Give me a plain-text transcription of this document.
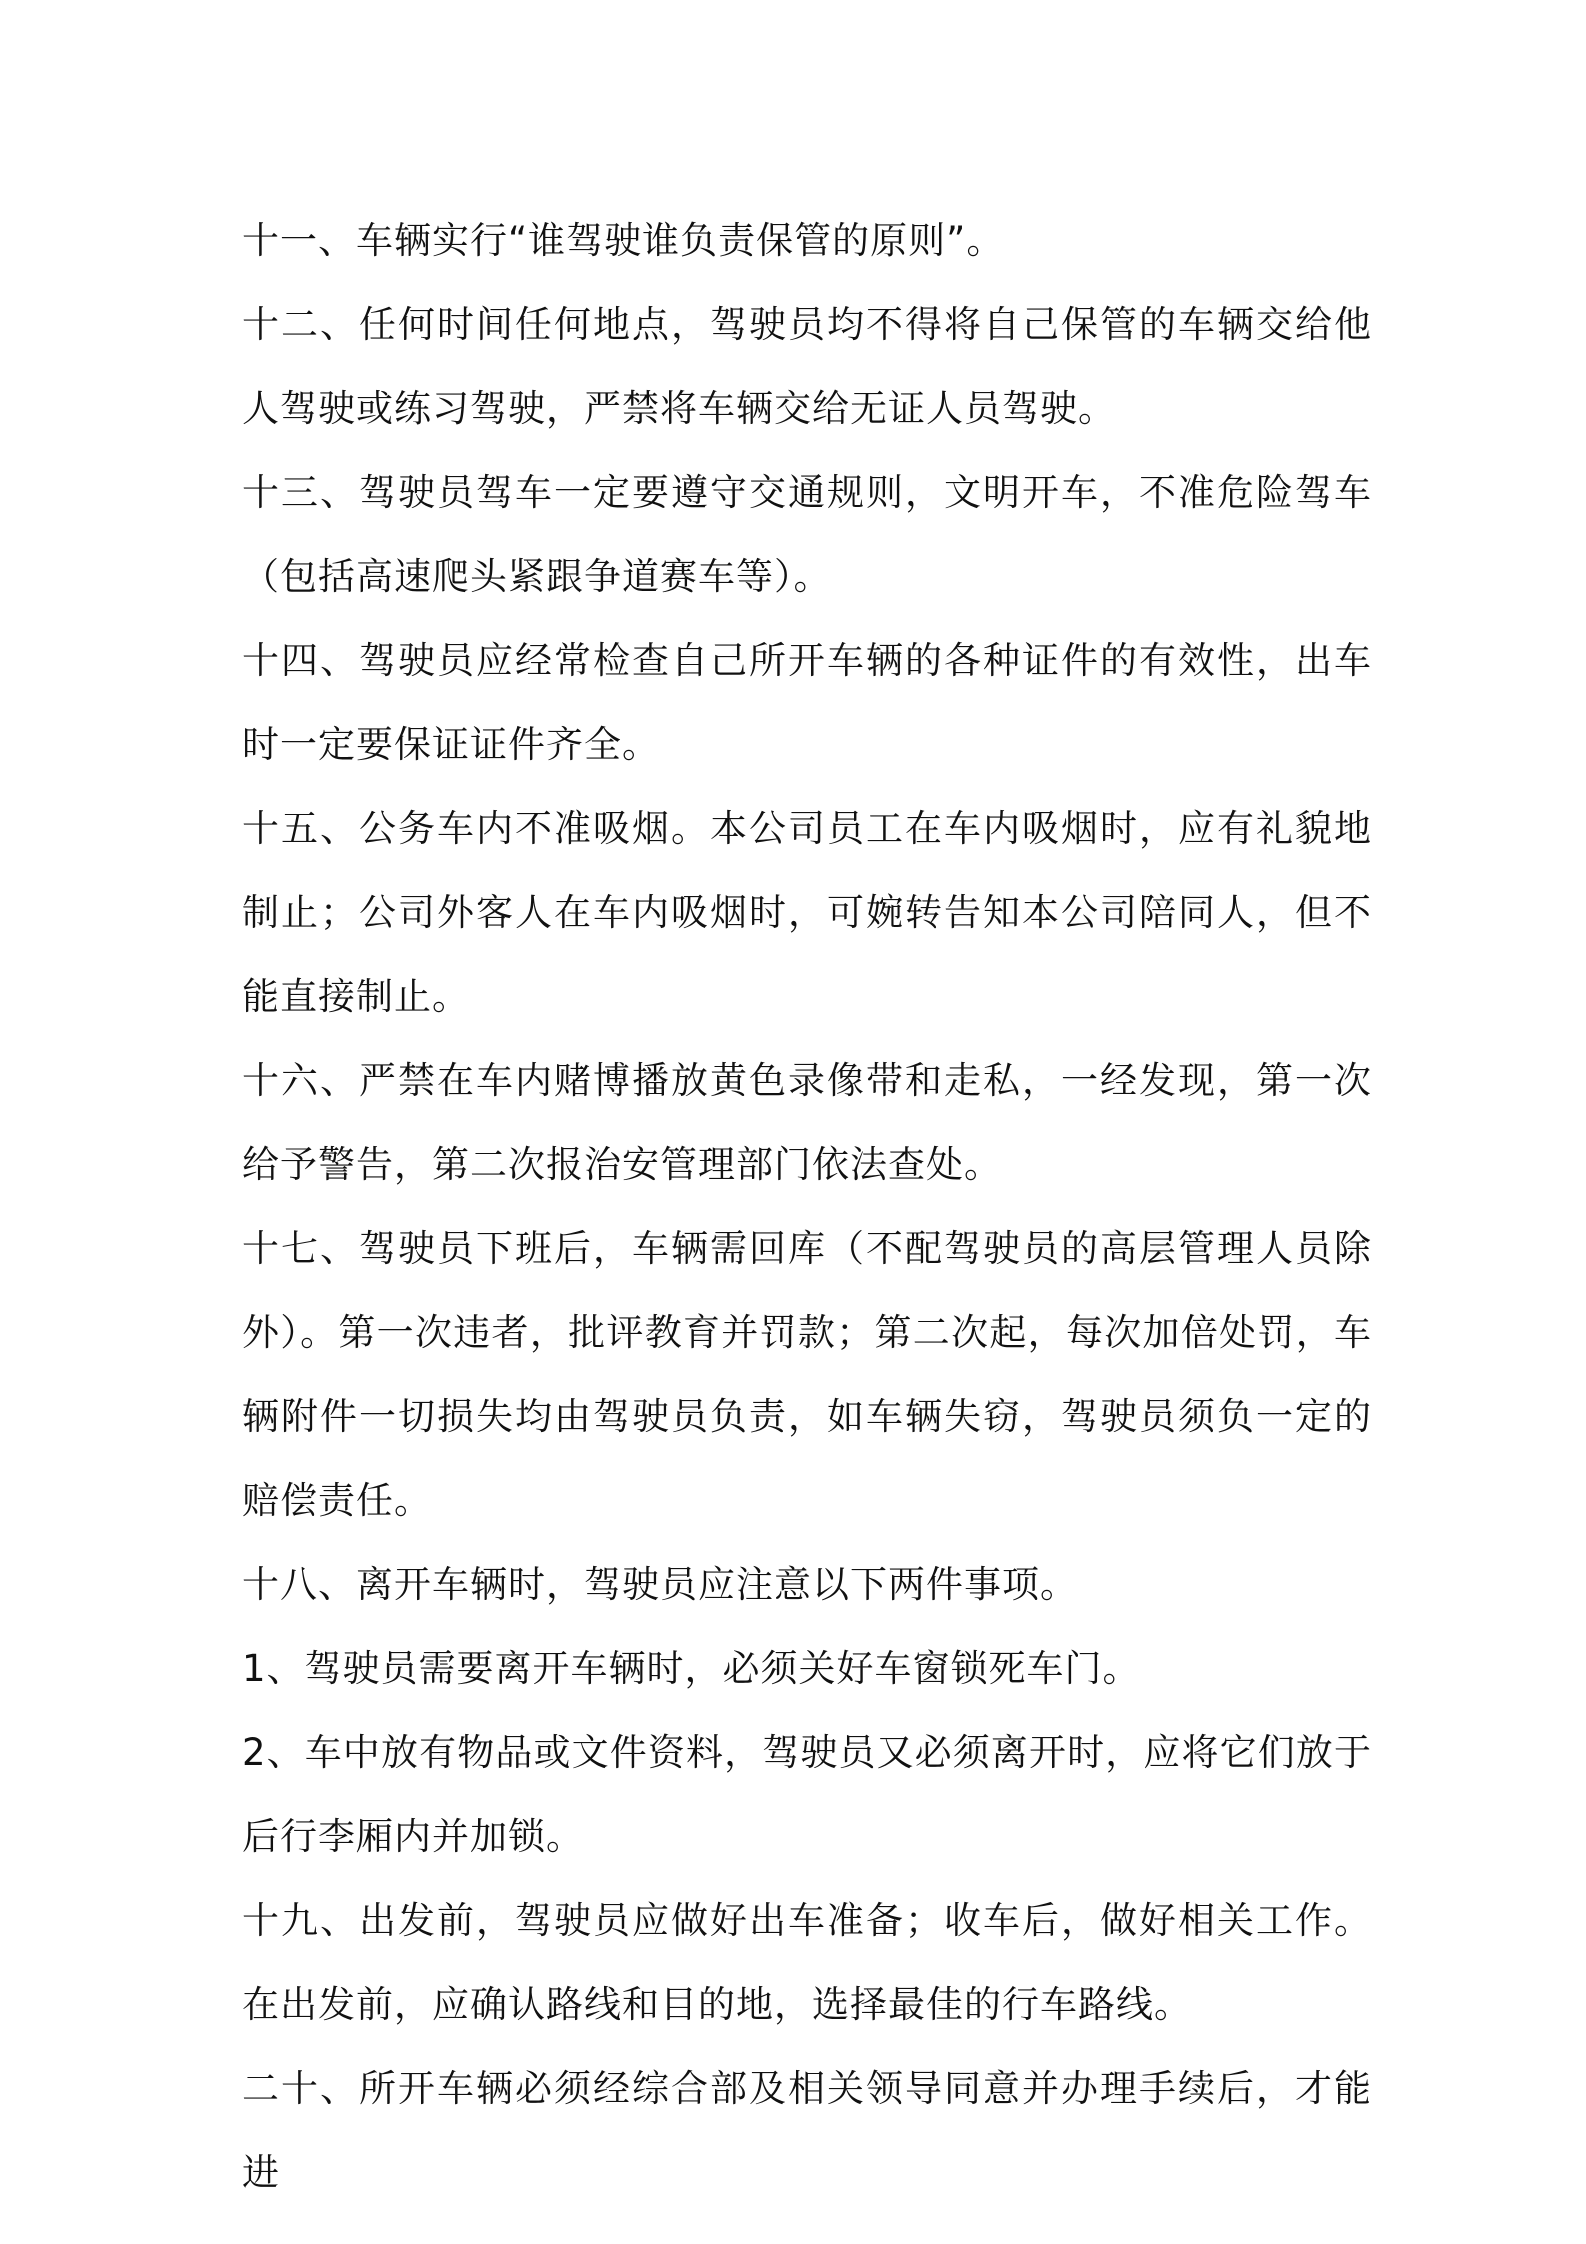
十一、车辆实行“谁驾驶谁负责保管的原则”。

十二、任何时间任何地点，驾驶员均不得将自己保管的车辆交给他人驾驶或练习驾驶，严禁将车辆交给无证人员驾驶。

十三、驾驶员驾车一定要遵守交通规则，文明开车，不准危险驾车（包括高速爬头紧跟争道赛车等）。

十四、驾驶员应经常检查自己所开车辆的各种证件的有效性，出车时一定要保证证件齐全。

十五、公务车内不准吸烟。本公司员工在车内吸烟时，应有礼貌地制止；公司外客人在车内吸烟时，可婉转告知本公司陪同人，但不能直接制止。

十六、严禁在车内赌博播放黄色录像带和走私，一经发现，第一次给予警告，第二次报治安管理部门依法查处。

十七、驾驶员下班后，车辆需回库（不配驾驶员的高层管理人员除外）。第一次违者，批评教育并罚款；第二次起，每次加倍处罚，车辆附件一切损失均由驾驶员负责，如车辆失窃，驾驶员须负一定的赔偿责任。

十八、离开车辆时，驾驶员应注意以下两件事项。

1、驾驶员需要离开车辆时，必须关好车窗锁死车门。

2、车中放有物品或文件资料，驾驶员又必须离开时，应将它们放于后行李厢内并加锁。

十九、出发前，驾驶员应做好出车准备；收车后，做好相关工作。在出发前，应确认路线和目的地，选择最佳的行车路线。

二十、所开车辆必须经综合部及相关领导同意并办理手续后，才能进
